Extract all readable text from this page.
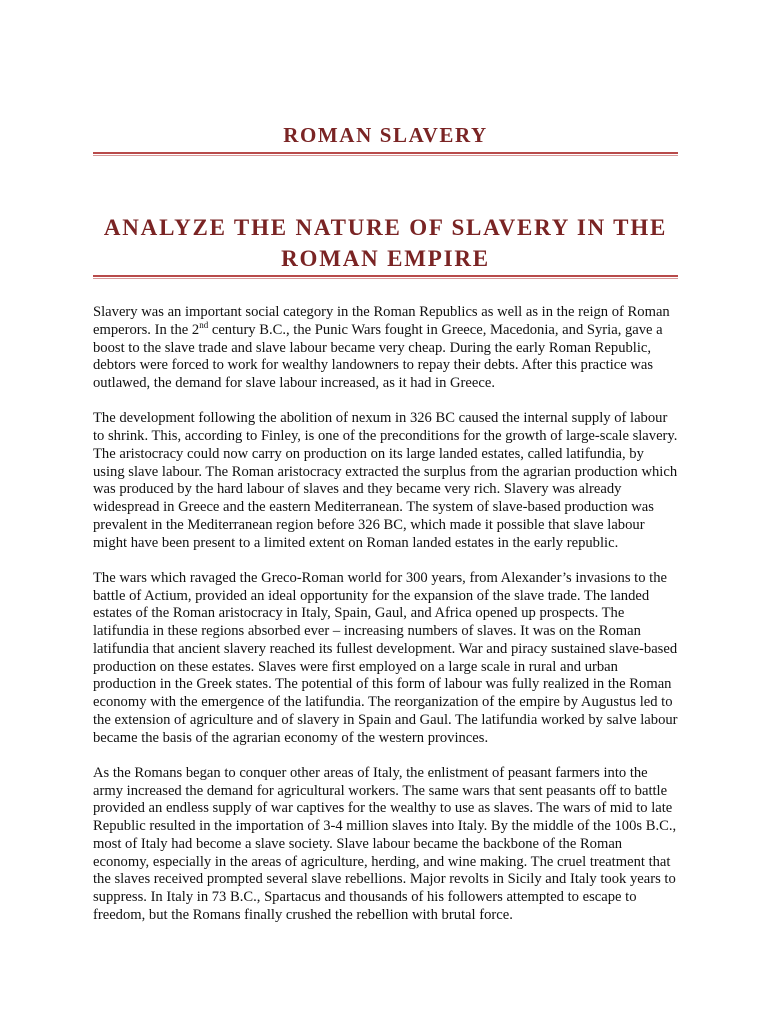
ROMAN SLAVERY
ANALYZE THE NATURE OF SLAVERY IN THE ROMAN EMPIRE

Slavery was an important social category in the Roman Republics as well as in the reign of Roman emperors. In the 2nd century B.C., the Punic Wars fought in Greece, Macedonia, and Syria, gave a boost to the slave trade and slave labour became very cheap. During the early Roman Republic, debtors were forced to work for wealthy landowners to repay their debts. After this practice was outlawed, the demand for slave labour increased, as it had in Greece.

The development following the abolition of nexum in 326 BC caused the internal supply of labour to shrink. This, according to Finley, is one of the preconditions for the growth of large-scale slavery. The aristocracy could now carry on production on its large landed estates, called latifundia, by using slave labour. The Roman aristocracy extracted the surplus from the agrarian production which was produced by the hard labour of slaves and they became very rich. Slavery was already widespread in Greece and the eastern Mediterranean. The system of slave-based production was prevalent in the Mediterranean region before 326 BC, which made it possible that slave labour might have been present to a limited extent on Roman landed estates in the early republic.

The wars which ravaged the Greco-Roman world for 300 years, from Alexander’s invasions to the battle of Actium, provided an ideal opportunity for the expansion of the slave trade. The landed estates of the Roman aristocracy in Italy, Spain, Gaul, and Africa opened up prospects. The latifundia in these regions absorbed ever – increasing numbers of slaves. It was on the Roman latifundia that ancient slavery reached its fullest development. War and piracy sustained slave-based production on these estates. Slaves were first employed on a large scale in rural and urban production in the Greek states. The potential of this form of labour was fully realized in the Roman economy with the emergence of the latifundia. The reorganization of the empire by Augustus led to the extension of agriculture and of slavery in Spain and Gaul. The latifundia worked by salve labour became the basis of the agrarian economy of the western provinces.

As the Romans began to conquer other areas of Italy, the enlistment of peasant farmers into the army increased the demand for agricultural workers. The same wars that sent peasants off to battle provided an endless supply of war captives for the wealthy to use as slaves. The wars of mid to late Republic resulted in the importation of 3-4 million slaves into Italy. By the middle of the 100s B.C., most of Italy had become a slave society. Slave labour became the backbone of the Roman economy, especially in the areas of agriculture, herding, and wine making. The cruel treatment that the slaves received prompted several slave rebellions. Major revolts in Sicily and Italy took years to suppress. In Italy in 73 B.C., Spartacus and thousands of his followers attempted to escape to freedom, but the Romans finally crushed the rebellion with brutal force.
